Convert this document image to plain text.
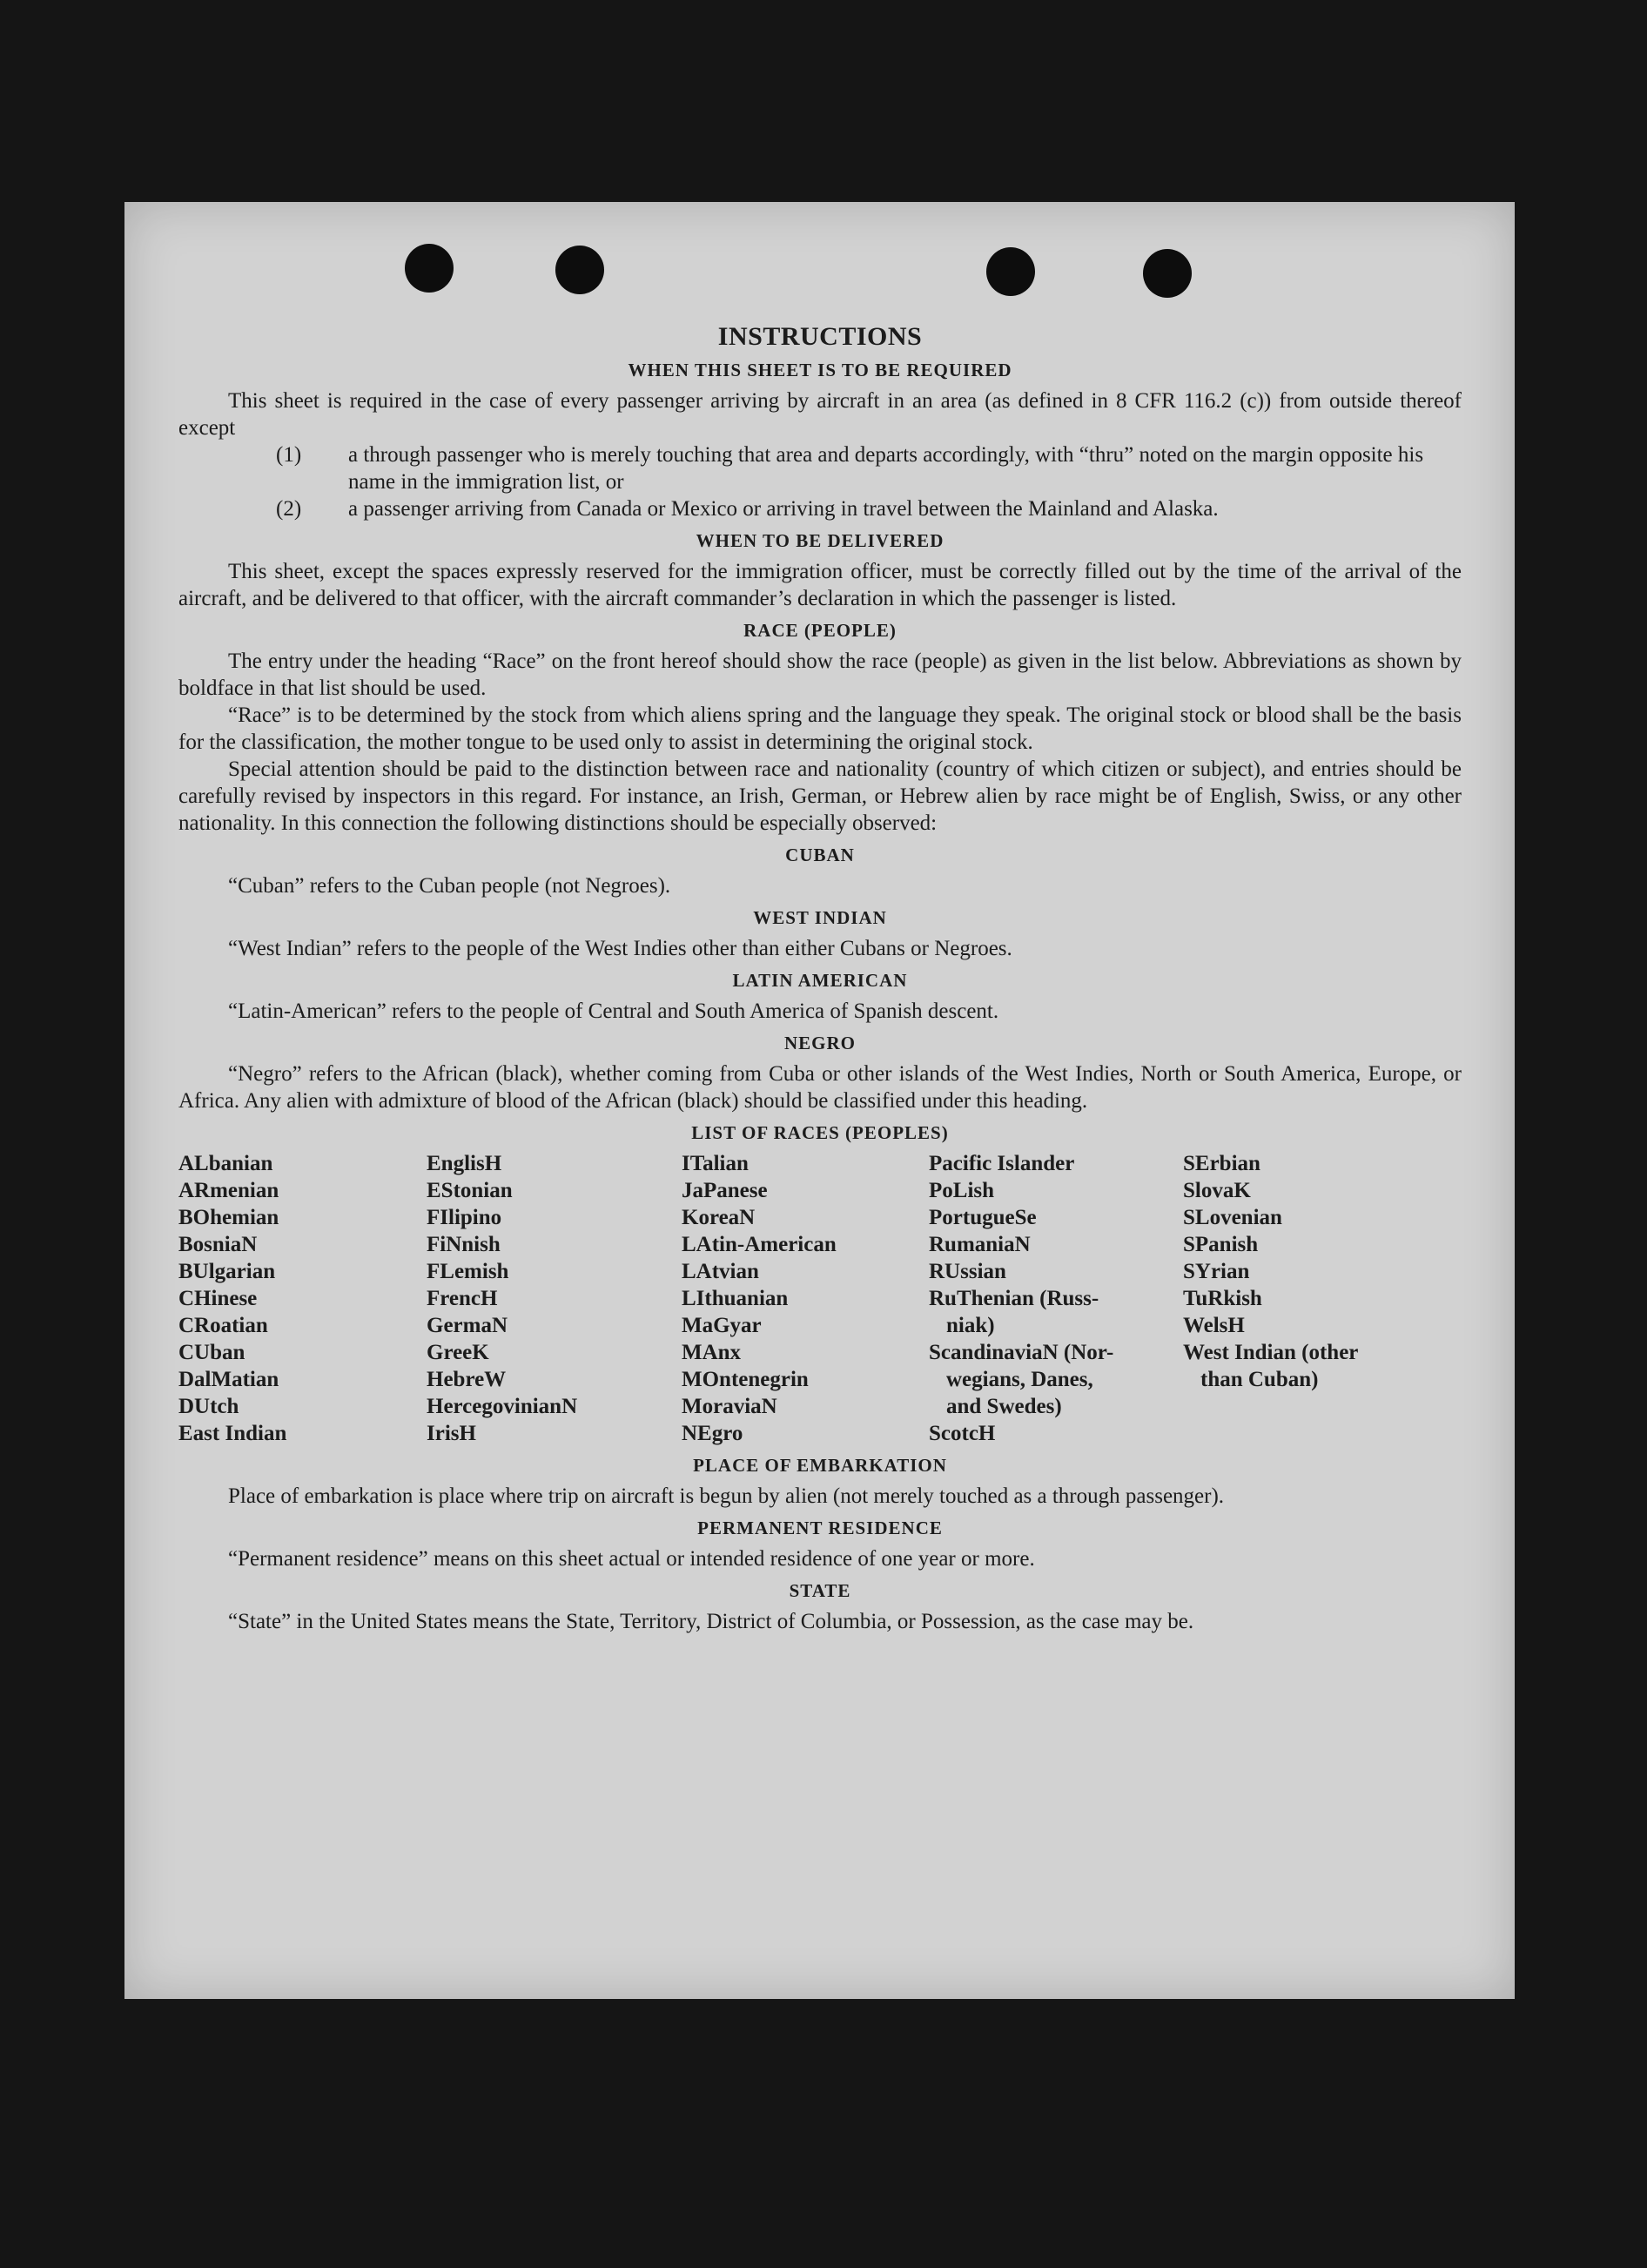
INSTRUCTIONS
WHEN THIS SHEET IS TO BE REQUIRED

This sheet is required in the case of every passenger arriving by aircraft in an area (as defined in 8 CFR 116.2 (c)) from outside thereof except

(1) a through passenger who is merely touching that area and departs accordingly, with “thru” noted on the margin opposite his name in the immigration list, or
(2) a passenger arriving from Canada or Mexico or arriving in travel between the Mainland and Alaska.
WHEN TO BE DELIVERED

This sheet, except the spaces expressly reserved for the immigration officer, must be correctly filled out by the time of the arrival of the aircraft, and be delivered to that officer, with the aircraft commander’s declaration in which the passenger is listed.

RACE (PEOPLE)

The entry under the heading “Race” on the front hereof should show the race (people) as given in the list below. Abbreviations as shown by boldface in that list should be used.

“Race” is to be determined by the stock from which aliens spring and the language they speak. The original stock or blood shall be the basis for the classification, the mother tongue to be used only to assist in determining the original stock.

Special attention should be paid to the distinction between race and nationality (country of which citizen or subject), and entries should be carefully revised by inspectors in this regard. For instance, an Irish, German, or Hebrew alien by race might be of English, Swiss, or any other nationality. In this connection the following distinctions should be especially observed:

CUBAN

“Cuban” refers to the Cuban people (not Negroes).

WEST INDIAN

“West Indian” refers to the people of the West Indies other than either Cubans or Negroes.

LATIN AMERICAN

“Latin-American” refers to the people of Central and South America of Spanish descent.

NEGRO

“Negro” refers to the African (black), whether coming from Cuba or other islands of the West Indies, North or South America, Europe, or Africa. Any alien with admixture of blood of the African (black) should be classified under this heading.

LIST OF RACES (PEOPLES)
ALbanian
ARmenian
BOhemian
BosniaN
BUlgarian
CHinese
CRoatian
CUban
DalMatian
DUtch
East Indian
EnglisH
EStonian
FIlipino
FiNnish
FLemish
FrencH
GermaN
GreeK
HebreW
HercegovinianN
IrisH
ITalian
JaPanese
KoreaN
LAtin-American
LAtvian
LIthuanian
MaGyar
MAnx
MOntenegrin
MoraviaN
NEgro
Pacific Islander
PoLish
PortugueSe
RumaniaN
RUssian
RuThenian (Russ-
niak)
ScandinaviaN (Nor-
wegians, Danes,
and Swedes)
ScotcH
SErbian
SlovaK
SLovenian
SPanish
SYrian
TuRkish
WelsH
West Indian (other
than Cuban)
PLACE OF EMBARKATION

Place of embarkation is place where trip on aircraft is begun by alien (not merely touched as a through passenger).

PERMANENT RESIDENCE

“Permanent residence” means on this sheet actual or intended residence of one year or more.

STATE

“State” in the United States means the State, Territory, District of Columbia, or Possession, as the case may be.
